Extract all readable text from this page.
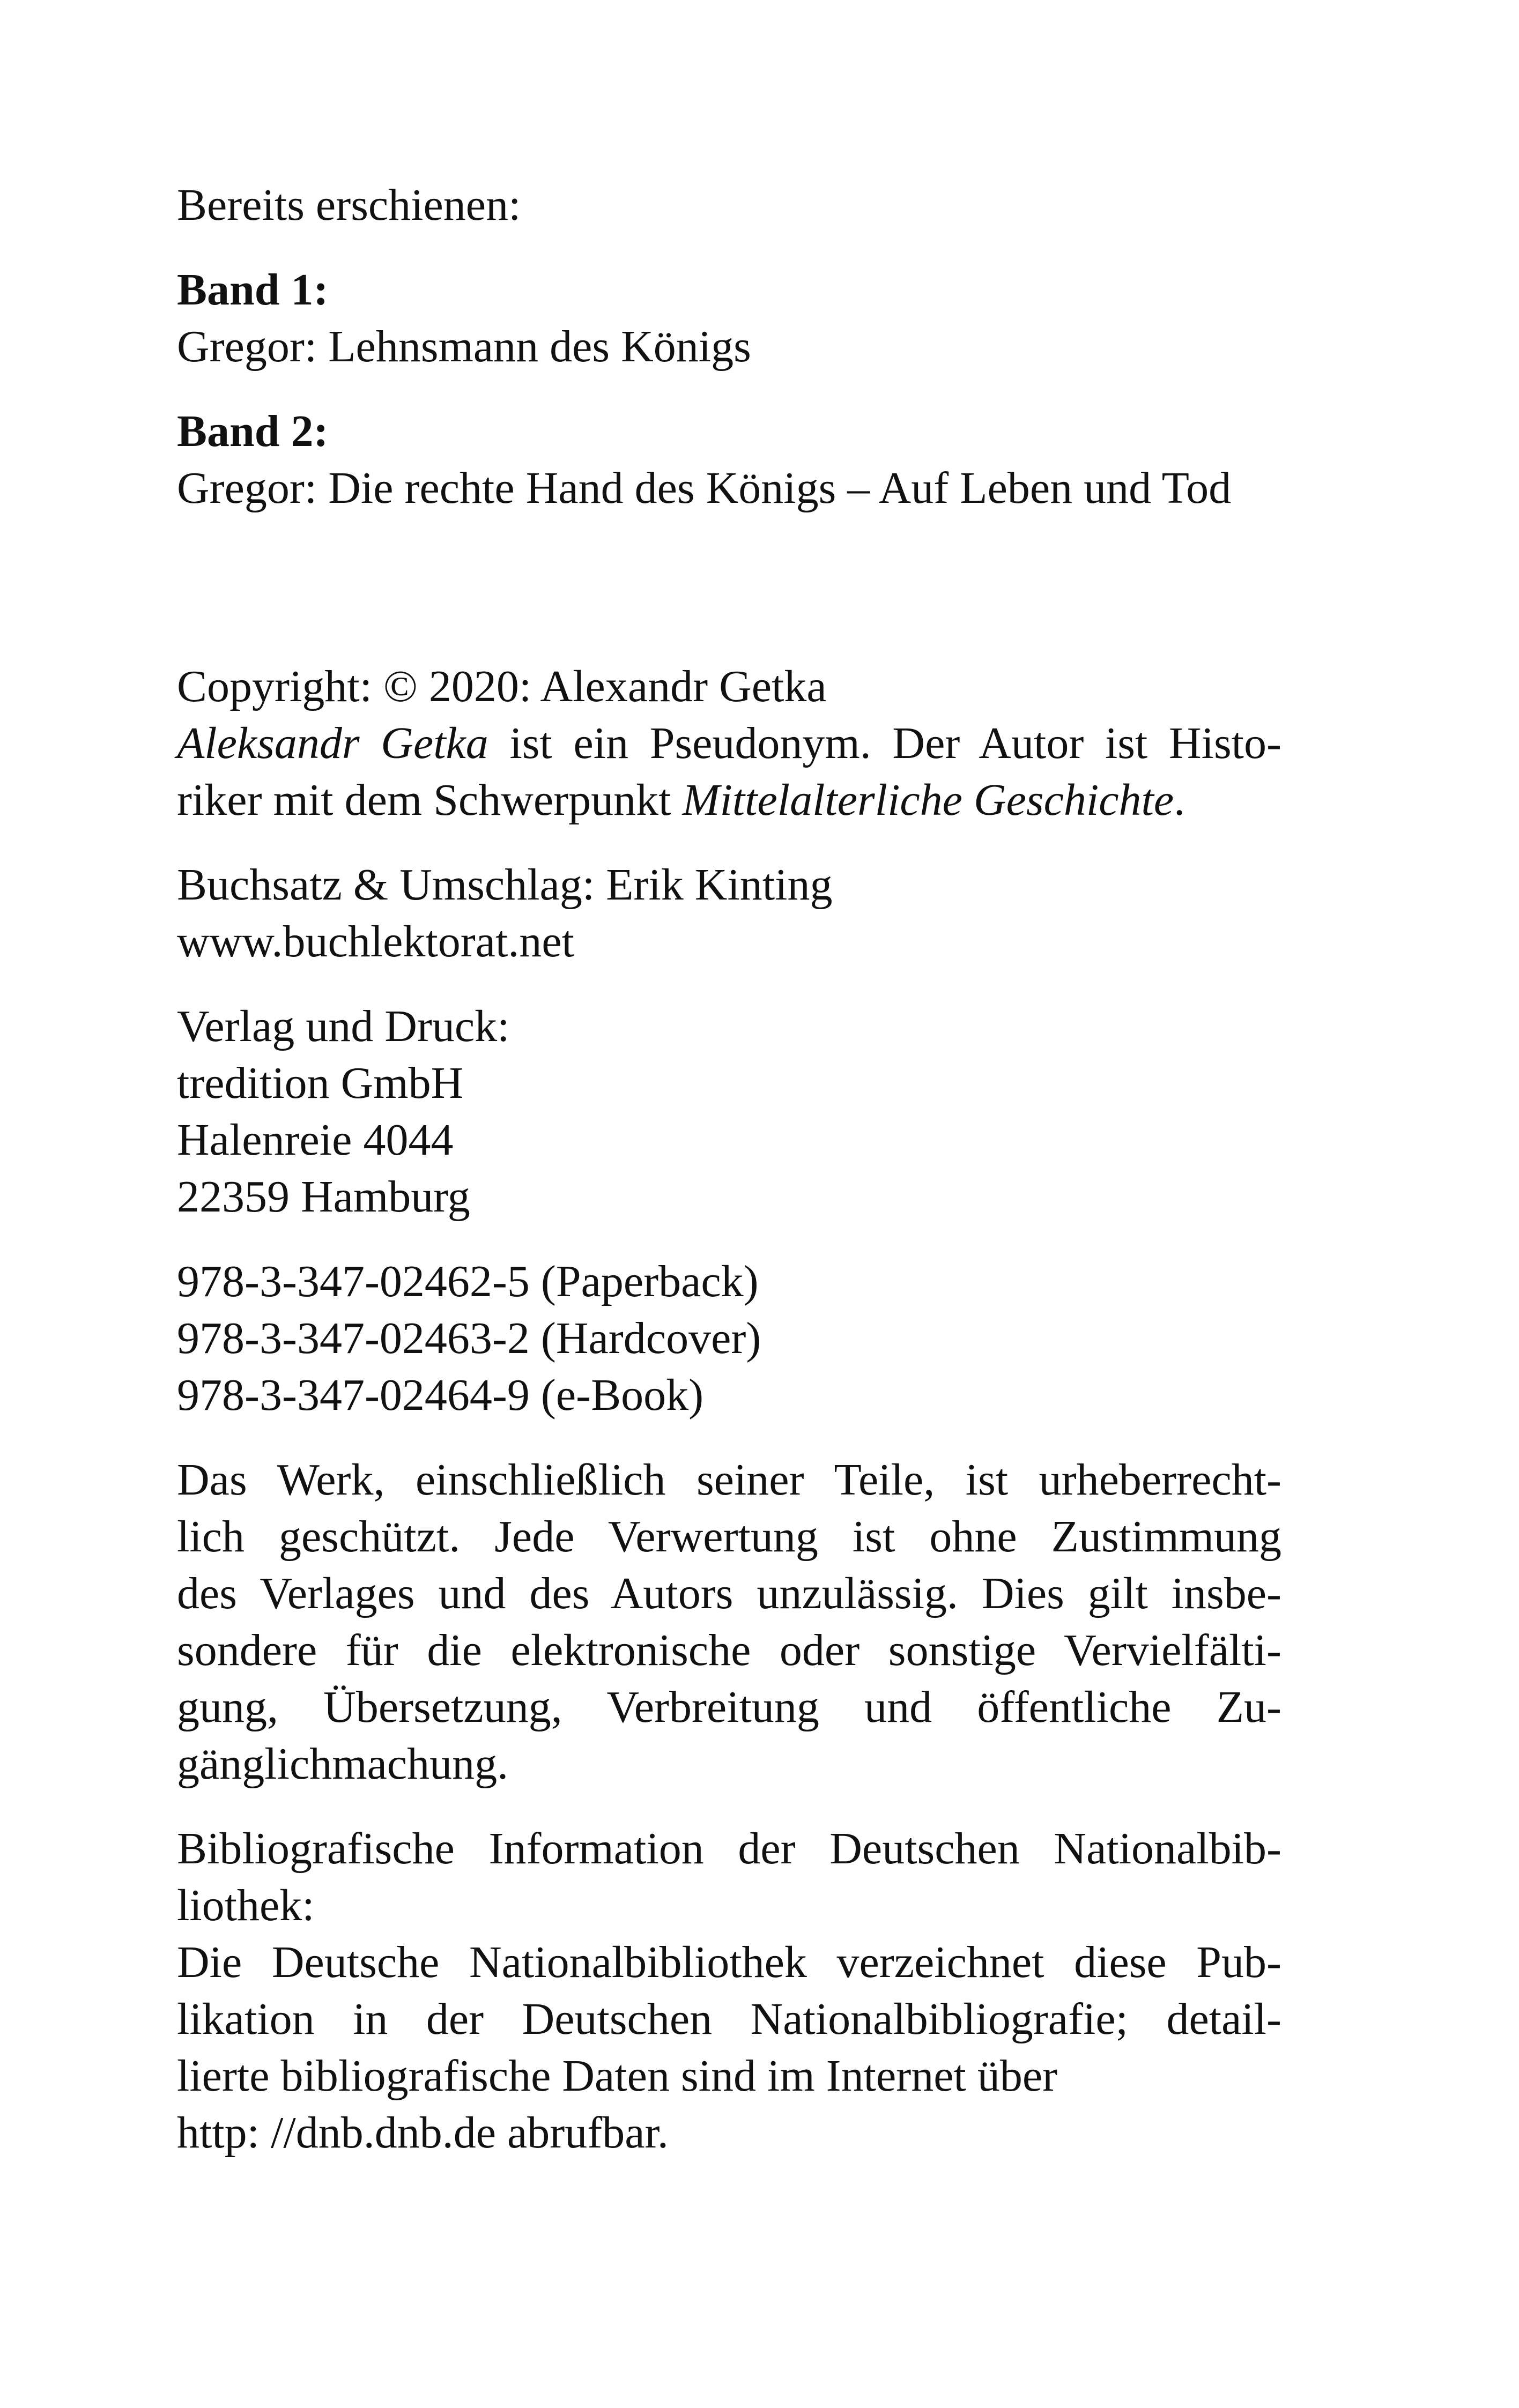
Bereits erschienen:
Band 1:
Gregor: Lehnsmann des Königs
Band 2:
Gregor: Die rechte Hand des Königs – Auf Leben und Tod
Copyright: © 2020: Alexandr Getka
Aleksandr Getka ist ein Pseudonym. Der Autor ist Histo-
riker mit dem Schwerpunkt Mittelalterliche Geschichte.
Buchsatz & Umschlag: Erik Kinting
www.buchlektorat.net
Verlag und Druck:
tredition GmbH
Halenreie 4044
22359 Hamburg
978-3-347-02462-5 (Paperback)
978-3-347-02463-2 (Hardcover)
978-3-347-02464-9 (e-Book)
Das Werk, einschließlich seiner Teile, ist urheberrecht-
lich geschützt. Jede Verwertung ist ohne Zustimmung
des Verlages und des Autors unzulässig. Dies gilt insbe-
sondere für die elektronische oder sonstige Vervielfälti-
gung, Übersetzung, Verbreitung und öffentliche Zu-
gänglichmachung.
Bibliografische Information der Deutschen Nationalbib-
liothek:
Die Deutsche Nationalbibliothek verzeichnet diese Pub-
likation in der Deutschen Nationalbibliografie; detail-
lierte bibliografische Daten sind im Internet über
http: //dnb.dnb.de abrufbar.
